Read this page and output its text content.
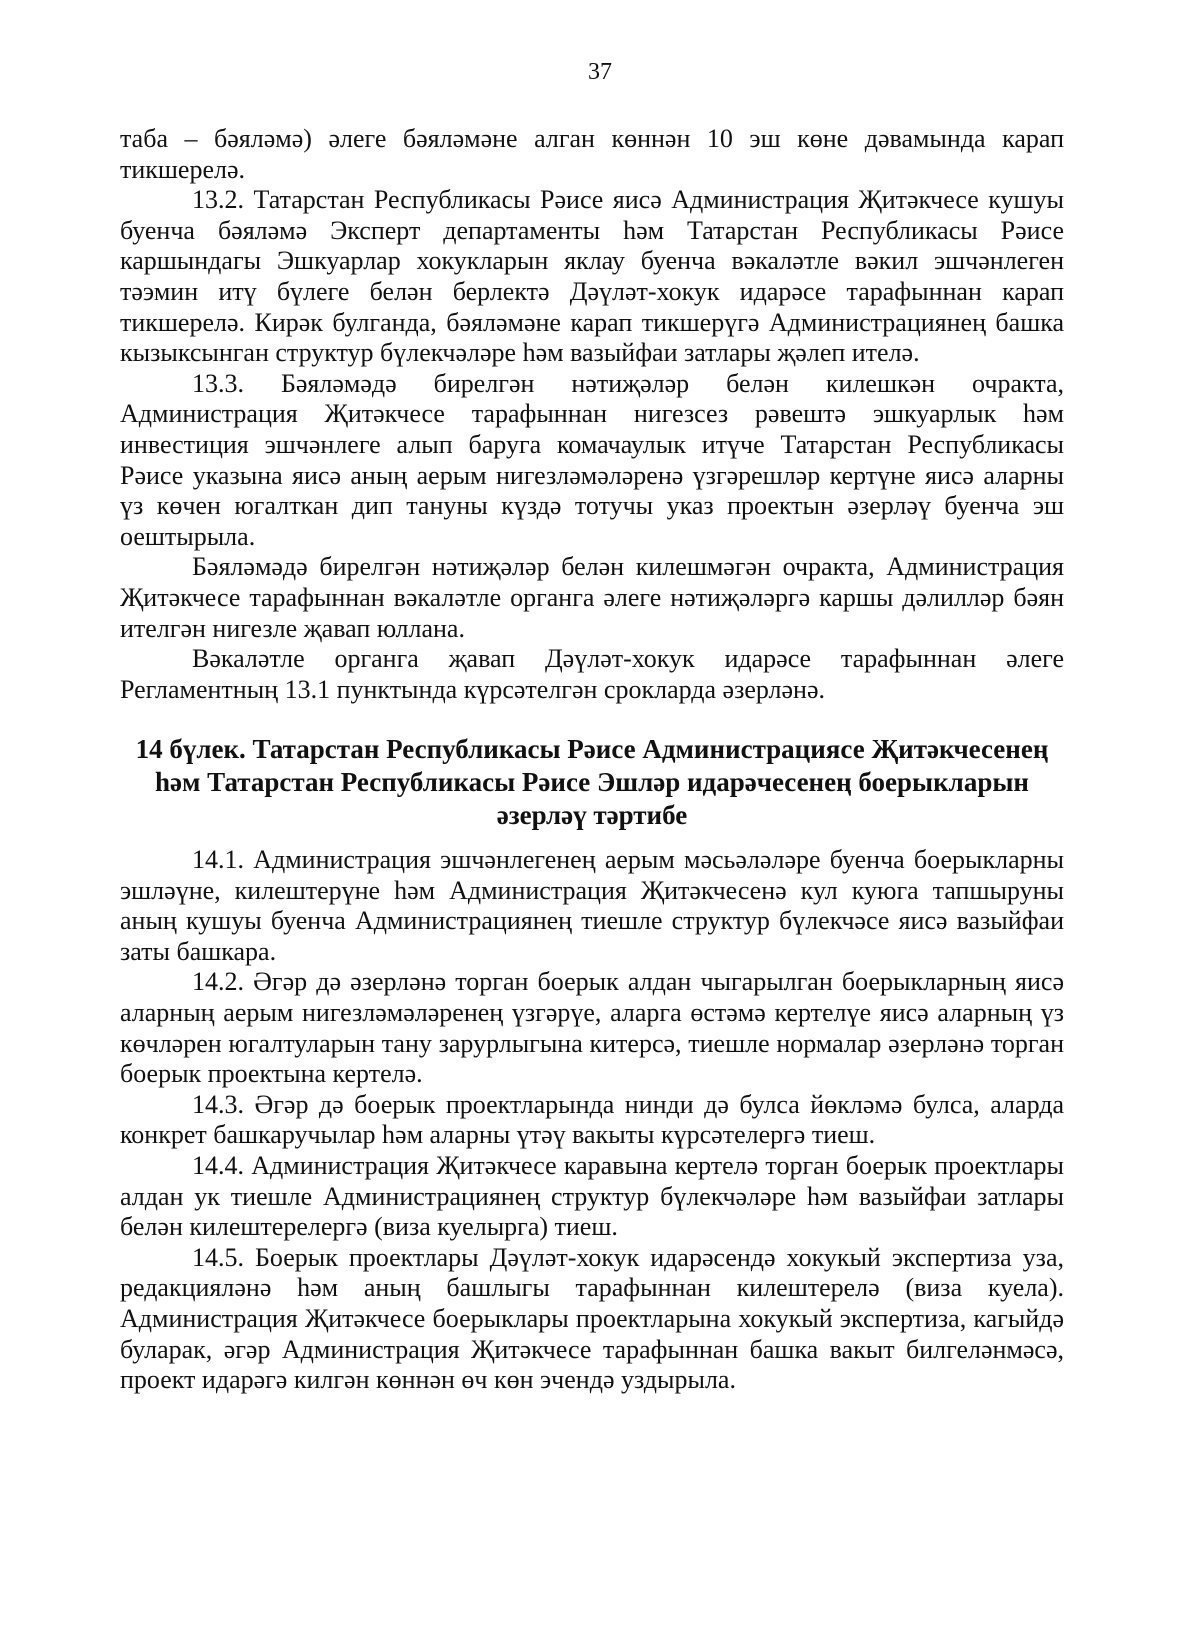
37

таба – бәяләмә) әлеге бәяләмәне алган көннән 10 эш көне дәвамында карап тикшерелә.

13.2. Татарстан Республикасы Рәисе яисә Администрация Җитәкчесе кушуы буенча бәяләмә Эксперт департаменты һәм Татарстан Республикасы Рәисе каршындагы Эшкуарлар хокукларын яклау буенча вәкаләтле вәкил эшчәнлеген тәэмин итү бүлеге белән берлектә Дәүләт-хокук идарәсе тарафыннан карап тикшерелә. Кирәк булганда, бәяләмәне карап тикшерүгә Администрациянең башка кызыксынган структур бүлекчәләре һәм вазыйфаи затлары җәлеп ителә.

13.3. Бәяләмәдә бирелгән нәтиҗәләр белән килешкән очракта, Администрация Җитәкчесе тарафыннан нигезсез рәвештә эшкуарлык һәм инвестиция эшчәнлеге алып баруга комачаулык итүче Татарстан Республикасы Рәисе указына яисә аның аерым нигезләмәләренә үзгәрешләр кертүне яисә аларны үз көчен югалткан дип тануны күздә тотучы указ проектын әзерләү буенча эш оештырыла.

Бәяләмәдә бирелгән нәтиҗәләр белән килешмәгән очракта, Администрация Җитәкчесе тарафыннан вәкаләтле органга әлеге нәтиҗәләргә каршы дәлилләр бәян ителгән нигезле җавап юллана.

Вәкаләтле органга җавап Дәүләт-хокук идарәсе тарафыннан әлеге Регламентның 13.1 пунктында күрсәтелгән срокларда әзерләнә.

14 бүлек. Татарстан Республикасы Рәисе Администрациясе Җитәкчесенең

һәм Татарстан Республикасы Рәисе Эшләр идарәчесенең боерыкларын

әзерләү тәртибе

14.1. Администрация эшчәнлегенең аерым мәсьәләләре буенча боерыкларны эшләүне, килештерүне һәм Администрация Җитәкчесенә кул куюга тапшыруны аның кушуы буенча Администрациянең тиешле структур бүлекчәсе яисә вазыйфаи заты башкара.

14.2. Әгәр дә әзерләнә торган боерык алдан чыгарылган боерыкларның яисә аларның аерым нигезләмәләренең үзгәрүе, аларга өстәмә кертелүе яисә аларның үз көчләрен югалтуларын тану зарурлыгына китерсә, тиешле нормалар әзерләнә торган боерык проектына кертелә.

14.3. Әгәр дә боерык проектларында нинди дә булса йөкләмә булса, аларда конкрет башкаручылар һәм аларны үтәү вакыты күрсәтелергә тиеш.

14.4. Администрация Җитәкчесе каравына кертелә торган боерык проектлары алдан ук тиешле Администрациянең структур бүлекчәләре һәм вазыйфаи затлары белән килештерелергә (виза куелырга) тиеш.

14.5. Боерык проектлары Дәүләт-хокук идарәсендә хокукый экспертиза уза, редакцияләнә һәм аның башлыгы тарафыннан килештерелә (виза куела). Администрация Җитәкчесе боерыклары проектларына хокукый экспертиза, кагыйдә буларак, әгәр Администрация Җитәкчесе тарафыннан башка вакыт билгеләнмәсә, проект идарәгә килгән көннән өч көн эчендә уздырыла.
